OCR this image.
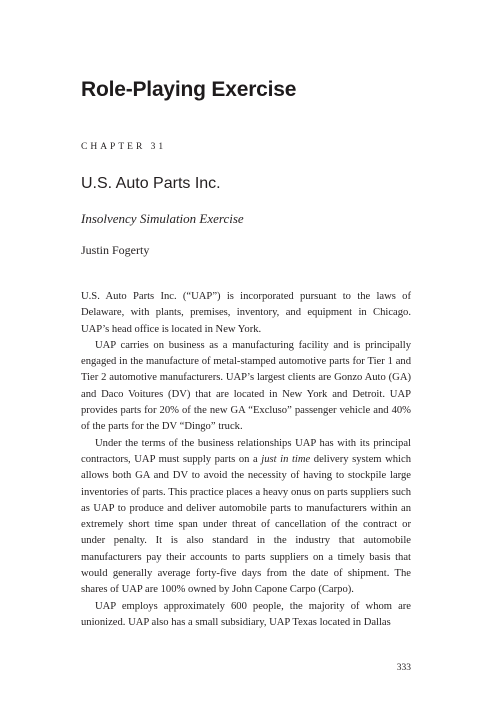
Role-Playing Exercise
CHAPTER 31
U.S. Auto Parts Inc.
Insolvency Simulation Exercise
Justin Fogerty

U.S. Auto Parts Inc. (“UAP”) is incorporated pursuant to the laws of Delaware, with plants, premises, inventory, and equipment in Chicago. UAP’s head office is located in New York.

UAP carries on business as a manufacturing facility and is principally engaged in the manufacture of metal-stamped automotive parts for Tier 1 and Tier 2 automotive manufacturers. UAP’s largest clients are Gonzo Auto (GA) and Daco Voitures (DV) that are located in New York and Detroit. UAP provides parts for 20% of the new GA “Excluso” passenger vehicle and 40% of the parts for the DV “Dingo” truck.

Under the terms of the business relationships UAP has with its principal contractors, UAP must supply parts on a just in time delivery system which allows both GA and DV to avoid the necessity of having to stockpile large inventories of parts. This practice places a heavy onus on parts suppliers such as UAP to produce and deliver automobile parts to manufacturers within an extremely short time span under threat of cancellation of the contract or under penalty. It is also standard in the industry that automobile manufacturers pay their accounts to parts suppliers on a timely basis that would generally average forty-five days from the date of shipment. The shares of UAP are 100% owned by John Capone Carpo (Carpo).

UAP employs approximately 600 people, the majority of whom are unionized. UAP also has a small subsidiary, UAP Texas located in Dallas

333
